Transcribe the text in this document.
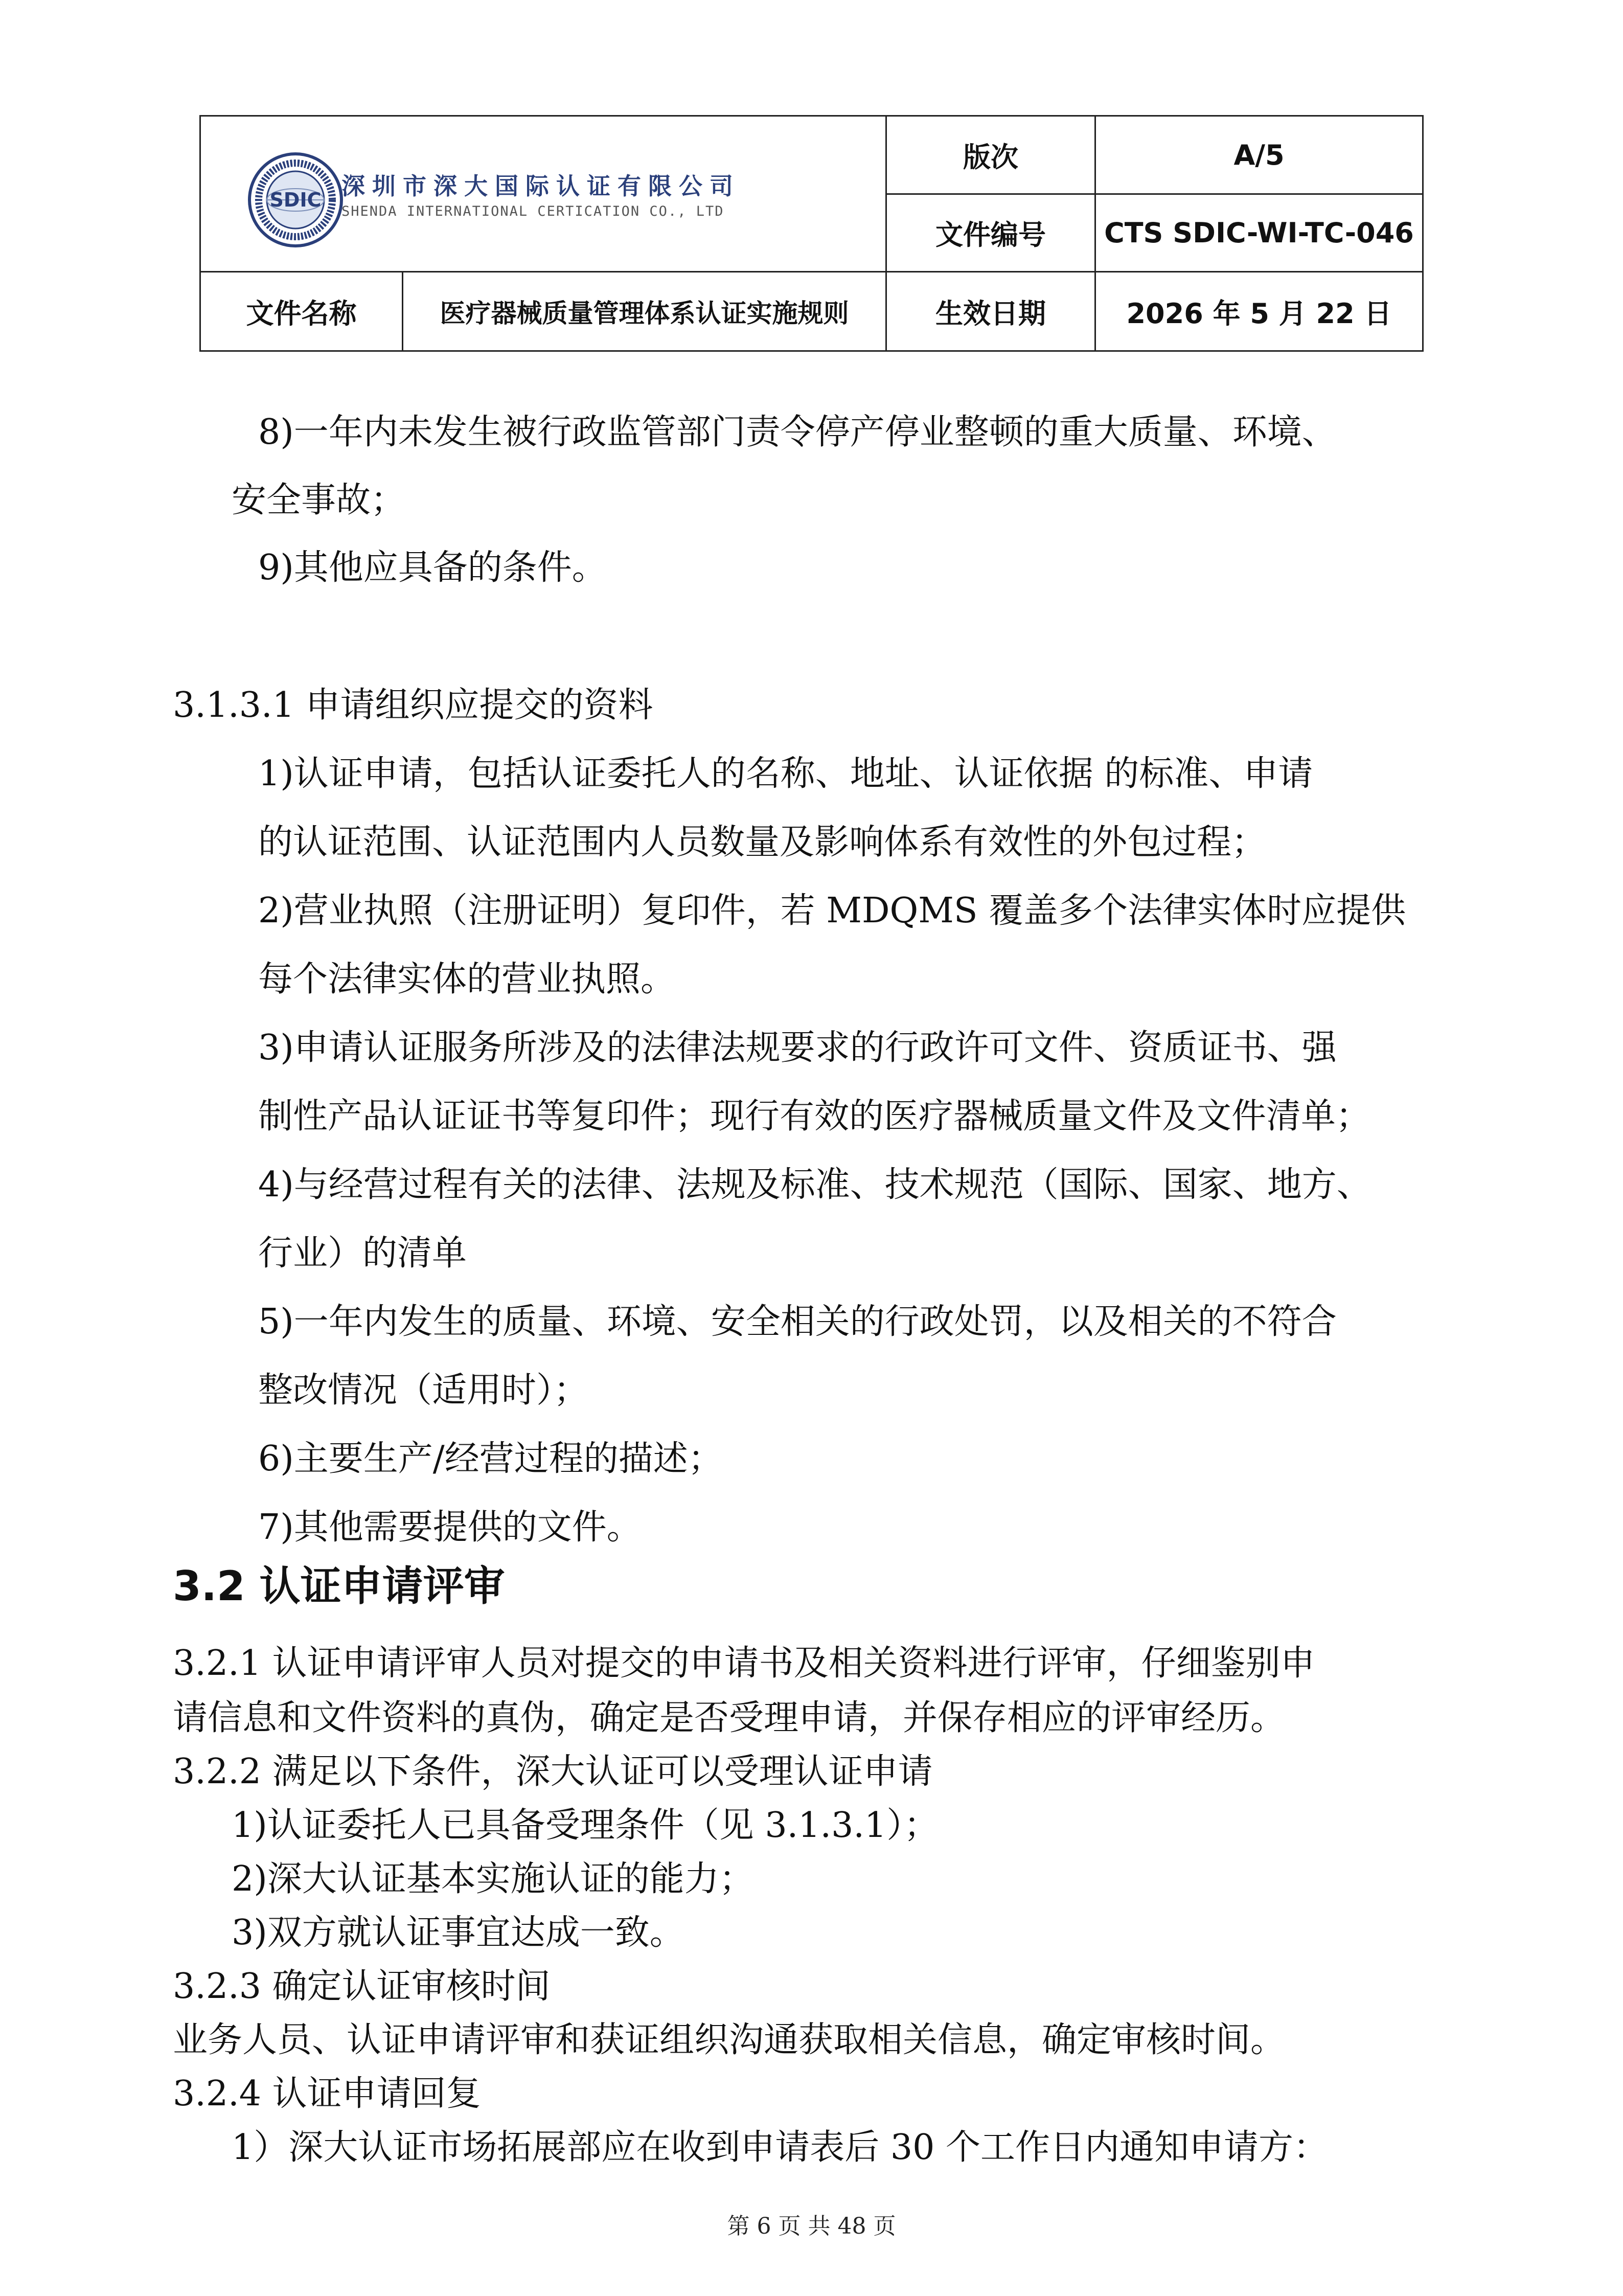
SDIC 深圳市深大国际认证有限公司
SHENDA INTERNATIONAL CERTICATION CO., LTD
版次	A/5
文件编号	CTS SDIC-WI-TC-046
文件名称	医疗器械质量管理体系认证实施规则	生效日期	2026 年 5 月 22 日
8)一年内未发生被行政监管部门责令停产停业整顿的重大质量、环境、
安全事故；
9)其他应具备的条件。
3.1.3.1 申请组织应提交的资料
1)认证申请，包括认证委托人的名称、地址、认证依据 的标准、申请
的认证范围、认证范围内人员数量及影响体系有效性的外包过程；
2)营业执照（注册证明）复印件，若 MDQMS 覆盖多个法律实体时应提供
每个法律实体的营业执照。
3)申请认证服务所涉及的法律法规要求的行政许可文件、资质证书、强
制性产品认证证书等复印件；现行有效的医疗器械质量文件及文件清单；
4)与经营过程有关的法律、法规及标准、技术规范（国际、国家、地方、
行业）的清单
5)一年内发生的质量、环境、安全相关的行政处罚，以及相关的不符合
整改情况（适用时）；
6)主要生产/经营过程的描述；
7)其他需要提供的文件。
3.2 认证申请评审
3.2.1 认证申请评审人员对提交的申请书及相关资料进行评审，仔细鉴别申
请信息和文件资料的真伪，确定是否受理申请，并保存相应的评审经历。
3.2.2 满足以下条件，深大认证可以受理认证申请
1)认证委托人已具备受理条件（见 3.1.3.1）；
2)深大认证基本实施认证的能力；
3)双方就认证事宜达成一致。
3.2.3 确定认证审核时间
业务人员、认证申请评审和获证组织沟通获取相关信息，确定审核时间。
3.2.4 认证申请回复
1）深大认证市场拓展部应在收到申请表后 30 个工作日内通知申请方：
第 6 页 共 48 页
